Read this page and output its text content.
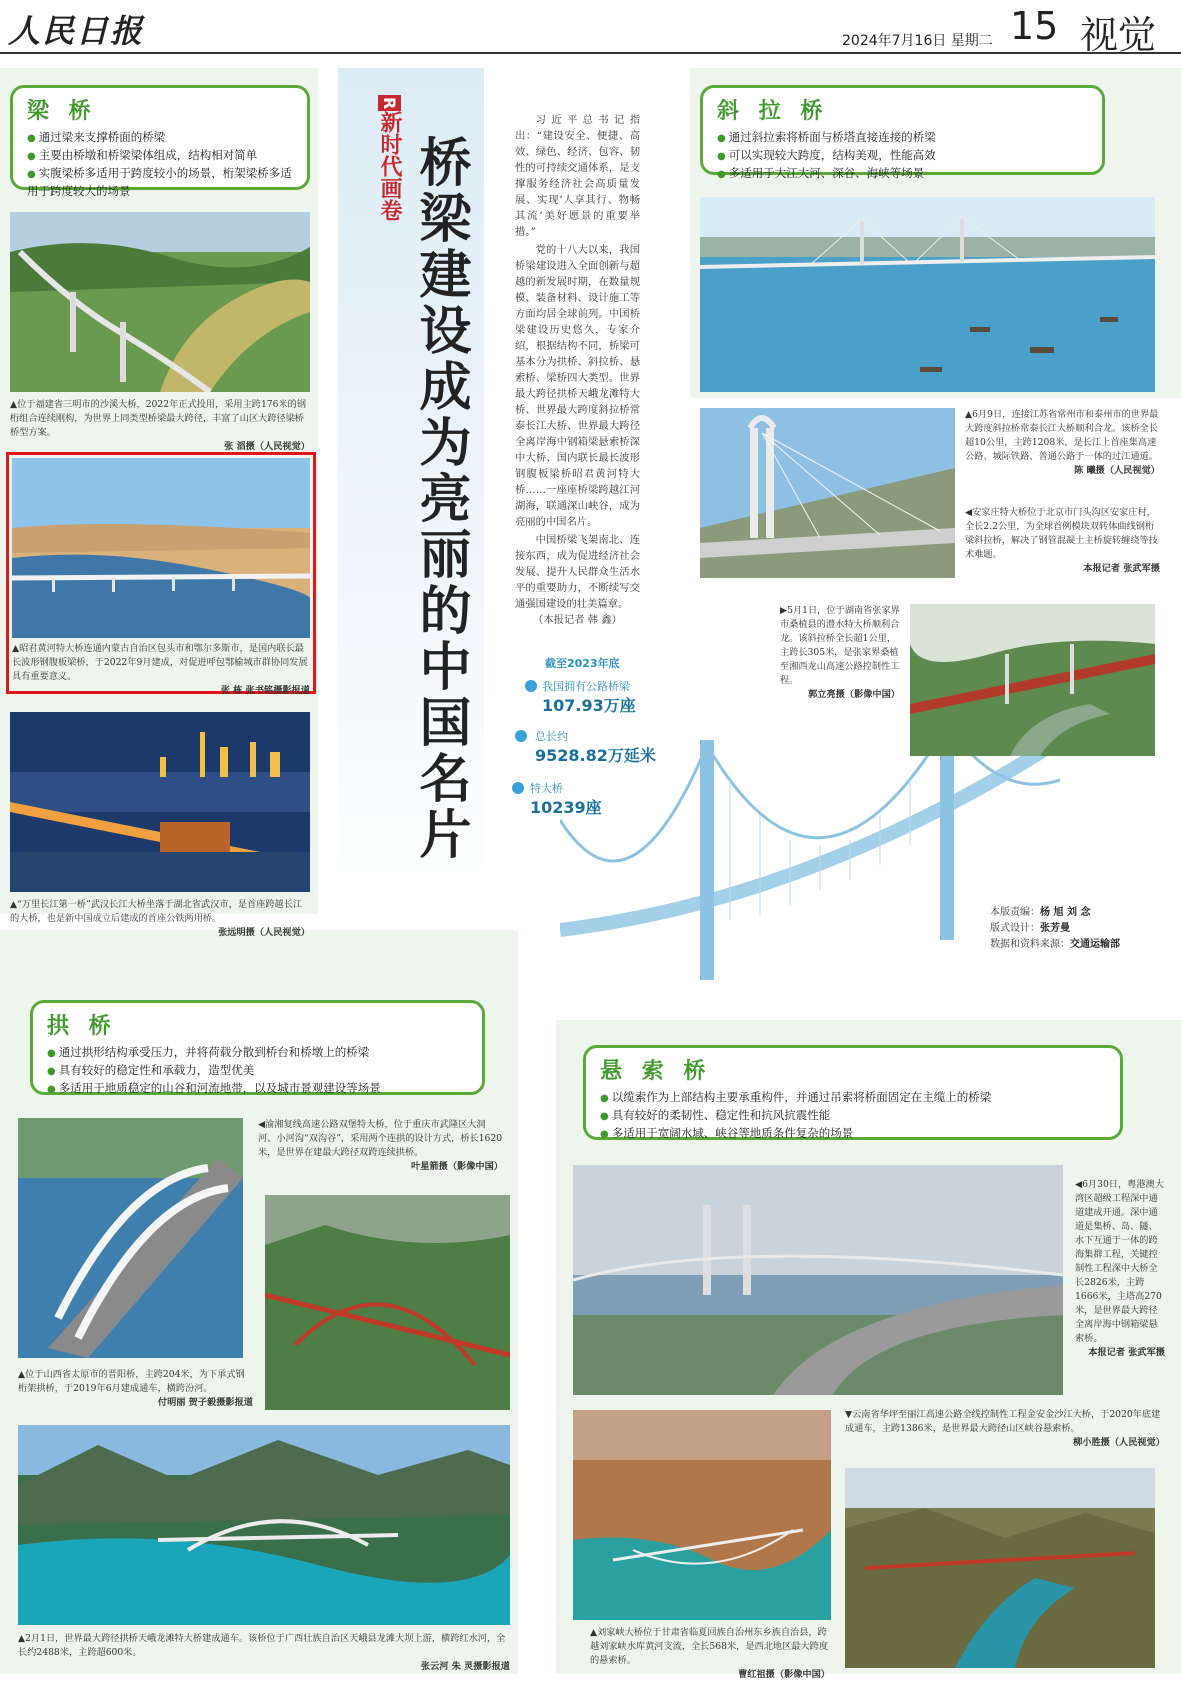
人民日报	2024年7月16日 星期二 15 视觉
梁 桥
● 通过梁来支撑桥面的桥梁
● 主要由桥墩和桥梁梁体组成，结构相对简单
● 实腹梁桥多适用于跨度较小的场景，桁架梁桥多适用于跨度较大的场景
▲位于福建省三明市的沙溪大桥，2022年正式投用，采用主跨176米的钢桁组合连续刚构，为世界上同类型桥梁最大跨径，丰富了山区大跨径梁桥桥型方案。
张 滔摄（人民视觉）
▲昭君黄河特大桥连通内蒙古自治区包头市和鄂尔多斯市，是国内联长最长波形钢腹板梁桥，于2022年9月建成，对促进呼包鄂榆城市群协同发展具有重要意义。
张 栋 张书铭摄影报道
▲“万里长江第一桥”武汉长江大桥坐落于湖北省武汉市，是首座跨越长江的大桥，也是新中国成立后建成的首座公铁两用桥。
张远明摄（人民视觉）
R新时代画卷 桥梁建设成为亮丽的中国名片

习近平总书记指出：“建设安全、便捷、高效、绿色、经济、包容、韧性的可持续交通体系，是支撑服务经济社会高质量发展、实现‘人享其行、物畅其流’美好愿景的重要举措。”

党的十八大以来，我国桥梁建设进入全面创新与超越的新发展时期，在数量规模、装备材料、设计施工等方面均居全球前列。中国桥梁建设历史悠久，专家介绍，根据结构不同，桥梁可基本分为拱桥、斜拉桥、悬索桥、梁桥四大类型。世界最大跨径拱桥天峨龙滩特大桥、世界最大跨度斜拉桥常泰长江大桥、世界最大跨径全离岸海中钢箱梁悬索桥深中大桥、国内联长最长波形钢腹板梁桥昭君黄河特大桥……一座座桥梁跨越江河湖海，联通深山峡谷，成为亮丽的中国名片。

中国桥梁飞架南北、连接东西，成为促进经济社会发展、提升人民群众生活水平的重要助力，不断续写交通强国建设的壮美篇章。

（本报记者 韩 鑫）

截至2023年底
我国拥有公路桥梁
107.93万座
总长约
9528.82万延米
特大桥
10239座
本版责编：杨 旭 刘 念
版式设计：张芳曼
数据和资料来源：交通运输部
斜 拉 桥
● 通过斜拉索将桥面与桥塔直接连接的桥梁
● 可以实现较大跨度，结构美观，性能高效
● 多适用于大江大河、深谷、海峡等场景
▲6月9日，连接江苏省常州市和泰州市的世界最大跨度斜拉桥常泰长江大桥顺利合龙。该桥全长超10公里，主跨1208米，是长江上首座集高速公路、城际铁路、普通公路于一体的过江通道。
陈 曦摄（人民视觉）
◀安家庄特大桥位于北京市门头沟区安家庄村，全长2.2公里，为全球首例模块双转体曲线钢桁梁斜拉桥，解决了钢管混凝土主桥旋转缠绕等技术难题。
本报记者 张武军摄
▶5月1日，位于湖南省张家界市桑植县的澧水特大桥顺利合龙。该斜拉桥全长超1公里，主跨长305米，是张家界桑植至湘西龙山高速公路控制性工程。
郭立亮摄（影像中国）
拱 桥
● 通过拱形结构承受压力，并将荷载分散到桥台和桥墩上的桥梁
● 具有较好的稳定性和承载力，造型优美
● 多适用于地质稳定的山谷和河流地带，以及城市景观建设等场景
◀渝湘复线高速公路双堡特大桥，位于重庆市武隆区大洞河、小河沟“双沟谷”，采用两个连拱的设计方式，桥长1620米，是世界在建最大跨径双跨连续拱桥。
叶星箭摄（影像中国）
▲位于山西省太原市的晋阳桥，主跨204米，为下承式钢桁架拱桥，于2019年6月建成通车，横跨汾河。
付明丽 贺子毅摄影报道
▲2月1日，世界最大跨径拱桥天峨龙滩特大桥建成通车。该桥位于广西壮族自治区天峨县龙滩大坝上游，横跨红水河，全长约2488米，主跨超600米。
张云河 朱 灵摄影报道
悬 索 桥
● 以缆索作为上部结构主要承重构件，并通过吊索将桥面固定在主缆上的桥梁
● 具有较好的柔韧性、稳定性和抗风抗震性能
● 多适用于宽阔水域、峡谷等地质条件复杂的场景
◀6月30日，粤港澳大湾区超级工程深中通道建成开通。深中通道是集桥、岛、隧、水下互通于一体的跨海集群工程，关键控制性工程深中大桥全长2826米，主跨1666米，主塔高270米，是世界最大跨径全离岸海中钢箱梁悬索桥。
本报记者 张武军摄
▼云南省华坪至丽江高速公路全线控制性工程金安金沙江大桥，于2020年底建成通车，主跨1386米，是世界最大跨径山区峡谷悬索桥。
柳小胜摄（人民视觉）
▲刘家峡大桥位于甘肃省临夏回族自治州东乡族自治县，跨越刘家峡水库黄河支流，全长568米，是西北地区最大跨度的悬索桥。
曹红祖摄（影像中国）
